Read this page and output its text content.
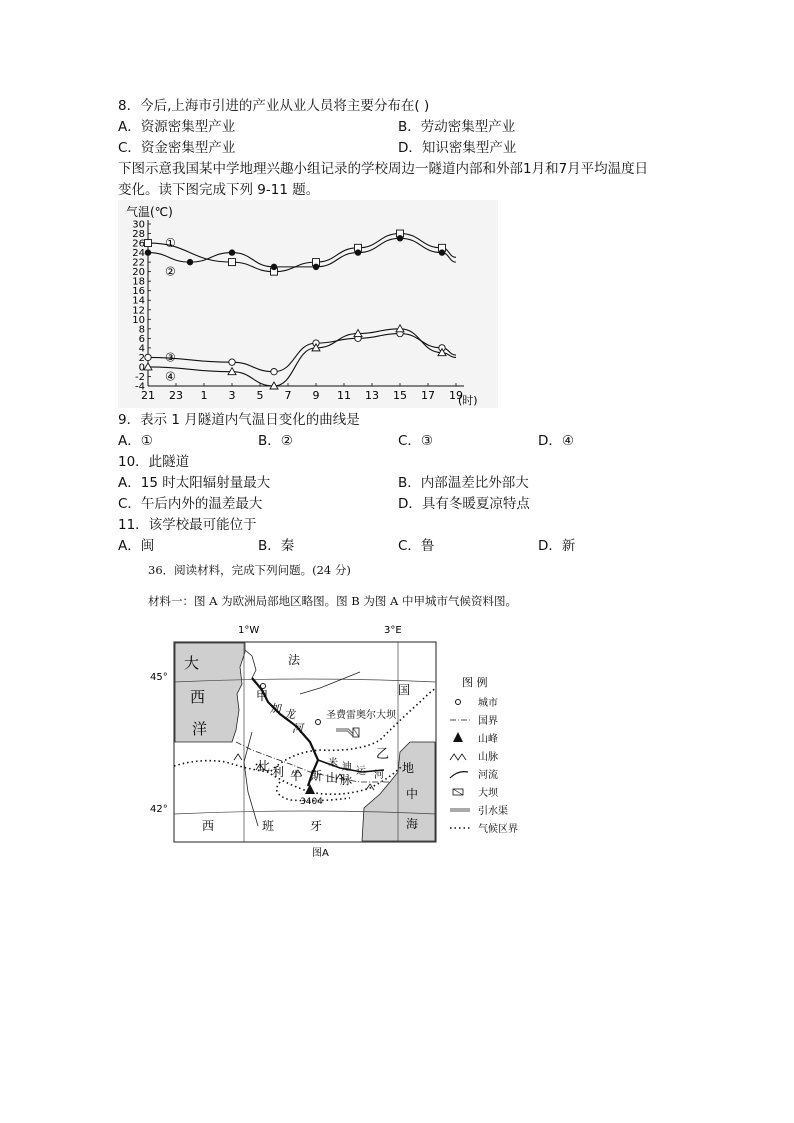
8．今后,上海市引进的产业从业人员将主要分布在( )
A．资源密集型产业	B．劳动密集型产业
C．资金密集型产业	D．知识密集型产业
下图示意我国某中学地理兴趣小组记录的学校周边一隧道内部和外部1月和7月平均温度日
变化。读下图完成下列 9-11 题。
气温(℃)
(时)
30
28
26
24
22
20
18
16
14
12
10
8
6
4
2
0
-2
-4
21 23 1 3 5 7 9 11 13 15 17 19
①
②
③
④
9．表示 1 月隧道内气温日变化的曲线是
A．①	B．②	C．③	D．④
10．此隧道
A．15 时太阳辐射量最大	B．内部温差比外部大
C．午后内外的温差最大	D．具有冬暖夏凉特点
11．该学校最可能位于
A．闽	B．秦	C．鲁	D．新
36．阅读材料，完成下列问题。(24 分)
材料一：图 A 为欧洲局部地区略图。图 B 为图 A 中甲城市气候资料图。
1°W	3°E
45°
42°
3404
大
西
洋
法
国
甲
加 龙
河
圣费雷奥尔大坝
乙
米 迪 运 河
比 利 牛 斯 山 脉
西	班	牙
地
中
海
图 例
城市
国界
山峰
山脉
河流
大坝
引水渠
气候区界
图A
